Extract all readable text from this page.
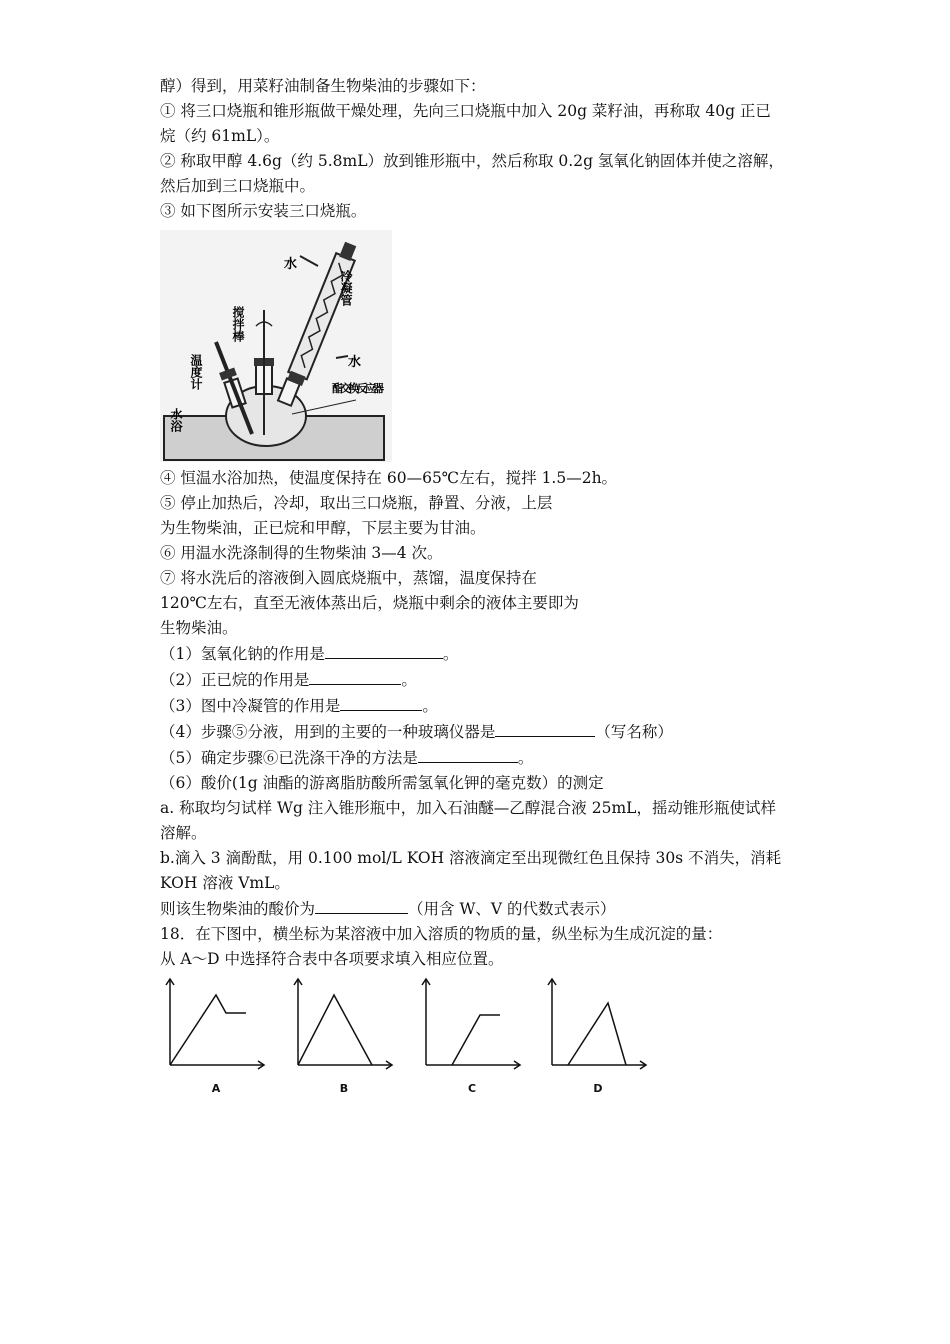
醇）得到，用菜籽油制备生物柴油的步骤如下：
① 将三口烧瓶和锥形瓶做干燥处理，先向三口烧瓶中加入 20g 菜籽油，再称取 40g 正已
烷（约 61mL）。
② 称取甲醇 4.6g（约 5.8mL）放到锥形瓶中，然后称取 0.2g 氢氧化钠固体并使之溶解，
然后加到三口烧瓶中。
③ 如下图所示安装三口烧瓶。
水
冷凝管
搅拌棒
水
温度计	酯交换反应器
水浴
④ 恒温水浴加热，使温度保持在 60—65℃左右，搅拌 1.5—2h。
⑤ 停止加热后，冷却，取出三口烧瓶，静置、分液，上层
为生物柴油，正已烷和甲醇，下层主要为甘油。
⑥ 用温水洗涤制得的生物柴油 3—4 次。
⑦ 将水洗后的溶液倒入圆底烧瓶中，蒸馏，温度保持在
120℃左右，直至无液体蒸出后，烧瓶中剩余的液体主要即为
生物柴油。
（1）氢氧化钠的作用是	。
（2）正已烷的作用是	。
（3）图中冷凝管的作用是	。
（4）步骤⑤分液，用到的主要的一种玻璃仪器是	（写名称）
（5）确定步骤⑥已洗涤干净的方法是	。
（6）酸价(1g 油酯的游离脂肪酸所需氢氧化钾的毫克数）的测定
a. 称取均匀试样 Wg 注入锥形瓶中，加入石油醚—乙醇混合液 25mL，摇动锥形瓶使试样
溶解。
b.滴入 3 滴酚酞，用 0.100 mol/L KOH 溶液滴定至出现微红色且保持 30s 不消失，消耗
KOH 溶液 VmL。
则该生物柴油的酸价为	（用含 W、V 的代数式表示）
18．在下图中，横坐标为某溶液中加入溶质的物质的量，纵坐标为生成沉淀的量：
从 A～D 中选择符合表中各项要求填入相应位置。
A	B	C	D
